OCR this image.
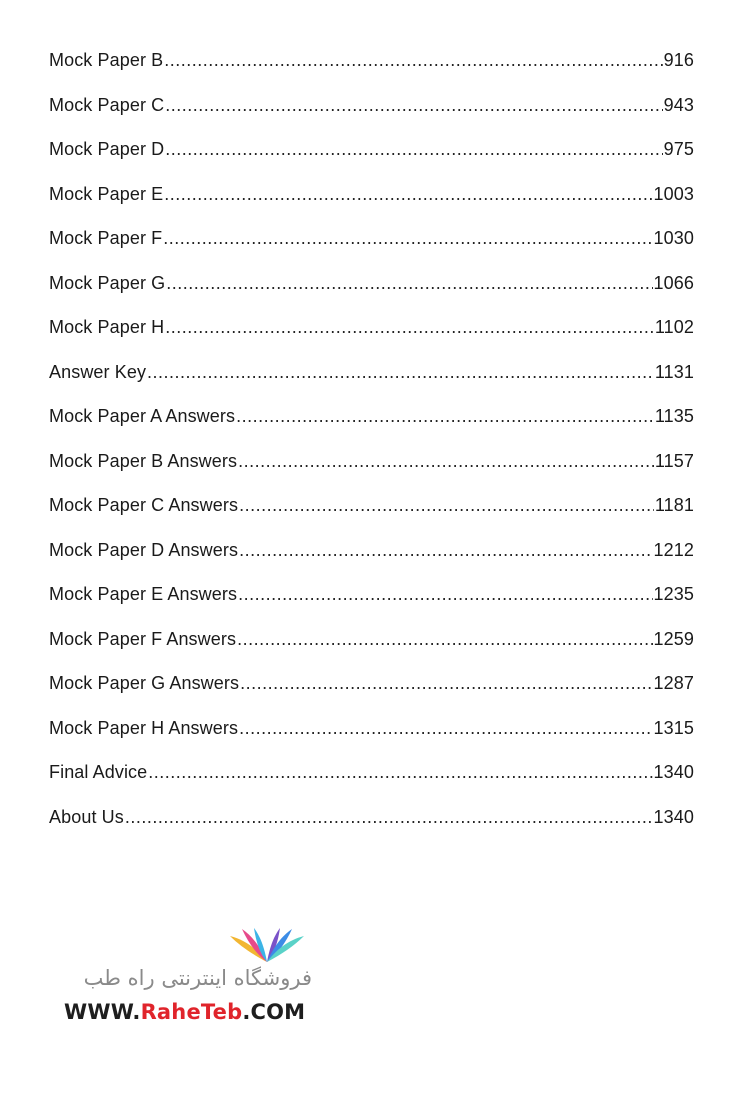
Mock Paper B .....	916
Mock Paper C .....	943
Mock Paper D .....	975
Mock Paper E .....	1003
Mock Paper F .....	1030
Mock Paper G .....	1066
Mock Paper H .....	1102
Answer Key .....	1131
Mock Paper A Answers .....	1135
Mock Paper B Answers .....	1157
Mock Paper C Answers .....	1181
Mock Paper D Answers .....	1212
Mock Paper E Answers .....	1235
Mock Paper F Answers .....	1259
Mock Paper G Answers .....	1287
Mock Paper H Answers .....	1315
Final Advice .....	1340
About Us .....	1340
فروشگاه اینترنتی راه طب
WWW.RaheTeb.COM
